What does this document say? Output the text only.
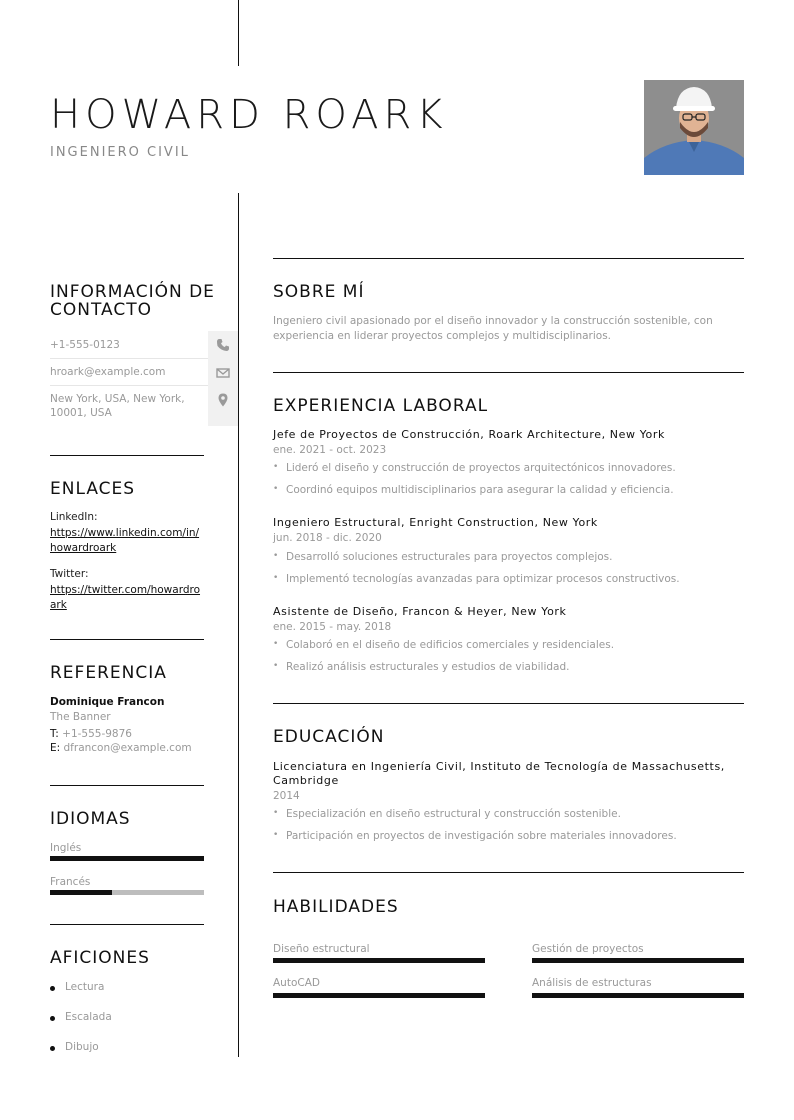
HOWARD ROARK
INGENIERO CIVIL
INFORMACIÓN DE CONTACTO
+1-555-0123
hroark@example.com
New York, USA, New York, 10001, USA
ENLACES
LinkedIn:
https://www.linkedin.com/in/howardroark
Twitter:
https://twitter.com/howardroark
REFERENCIA
Dominique Francon
The Banner
T: +1-555-9876
E: dfrancon@example.com
IDIOMAS
Inglés
Francés
AFICIONES
Lectura
Escalada
Dibujo
SOBRE MÍ
Ingeniero civil apasionado por el diseño innovador y la construcción sostenible, con experiencia en liderar proyectos complejos y multidisciplinarios.
EXPERIENCIA LABORAL
Jefe de Proyectos de Construcción, Roark Architecture, New York
ene. 2021 - oct. 2023
• Lideró el diseño y construcción de proyectos arquitectónicos innovadores.
• Coordinó equipos multidisciplinarios para asegurar la calidad y eficiencia.
Ingeniero Estructural, Enright Construction, New York
jun. 2018 - dic. 2020
• Desarrolló soluciones estructurales para proyectos complejos.
• Implementó tecnologías avanzadas para optimizar procesos constructivos.
Asistente de Diseño, Francon & Heyer, New York
ene. 2015 - may. 2018
• Colaboró en el diseño de edificios comerciales y residenciales.
• Realizó análisis estructurales y estudios de viabilidad.
EDUCACIÓN
Licenciatura en Ingeniería Civil, Instituto de Tecnología de Massachusetts, Cambridge
2014
• Especialización en diseño estructural y construcción sostenible.
• Participación en proyectos de investigación sobre materiales innovadores.
HABILIDADES
Diseño estructural	Gestión de proyectos
AutoCAD	Análisis de estructuras
